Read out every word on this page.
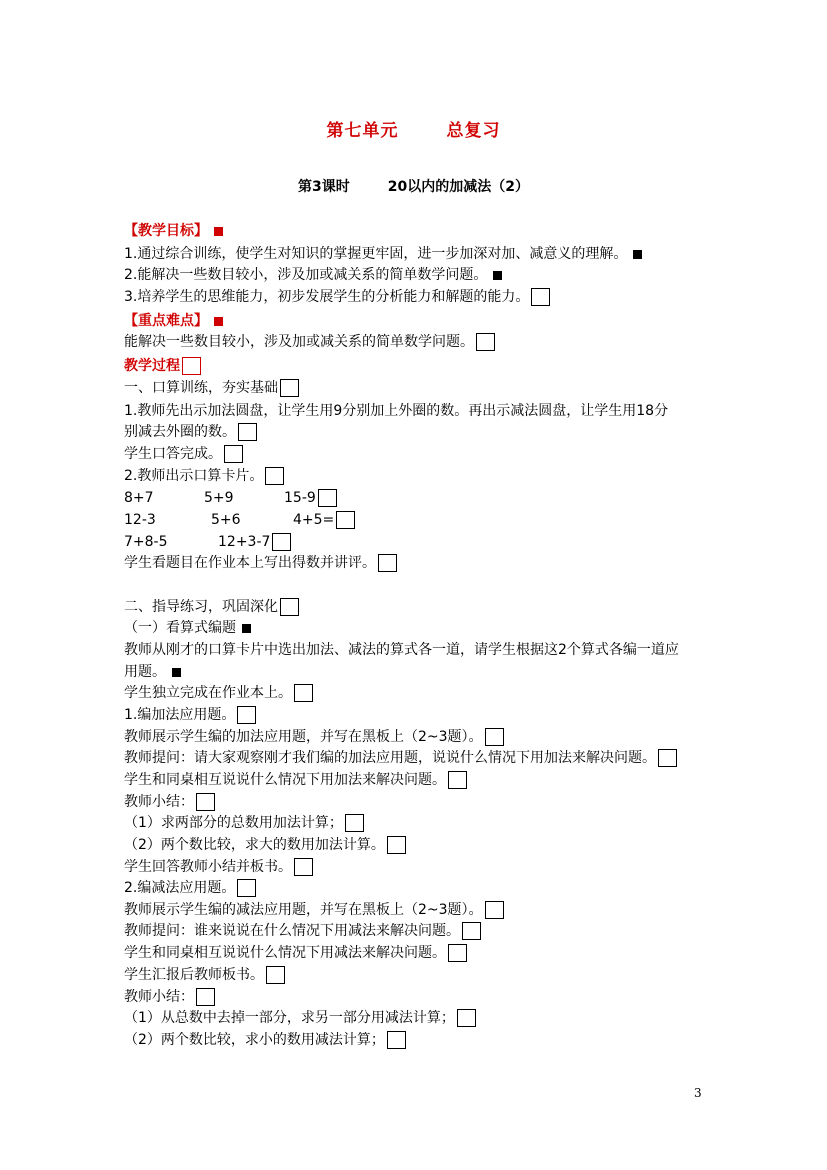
第七单元	总复习
第3课时	20以内的加减法（2）
【教学目标】
1.通过综合训练，使学生对知识的掌握更牢固，进一步加深对加、减意义的理解。
2.能解决一些数目较小，涉及加或减关系的简单数学问题。
3.培养学生的思维能力，初步发展学生的分析能力和解题的能力。
【重点难点】
能解决一些数目较小，涉及加或减关系的简单数学问题。
教学过程
一、口算训练，夯实基础
1.教师先出示加法圆盘，让学生用9分别加上外圈的数。再出示减法圆盘，让学生用18分
别减去外圈的数。
学生口答完成。
2.教师出示口算卡片。
8+7	5+9	15-9
12-3	5+6	4+5=
7+8-5	12+3-7
学生看题目在作业本上写出得数并讲评。
二、指导练习，巩固深化
（一）看算式编题
教师从刚才的口算卡片中选出加法、减法的算式各一道，请学生根据这2个算式各编一道应
用题。
学生独立完成在作业本上。
1.编加法应用题。
教师展示学生编的加法应用题，并写在黑板上（2~3题）。
教师提问：请大家观察刚才我们编的加法应用题，说说什么情况下用加法来解决问题。
学生和同桌相互说说什么情况下用加法来解决问题。
教师小结：
（1）求两部分的总数用加法计算；
（2）两个数比较，求大的数用加法计算。
学生回答教师小结并板书。
2.编减法应用题。
教师展示学生编的减法应用题，并写在黑板上（2~3题）。
教师提问：谁来说说在什么情况下用减法来解决问题。
学生和同桌相互说说什么情况下用减法来解决问题。
学生汇报后教师板书。
教师小结：
（1）从总数中去掉一部分，求另一部分用减法计算；
（2）两个数比较，求小的数用减法计算；
3
